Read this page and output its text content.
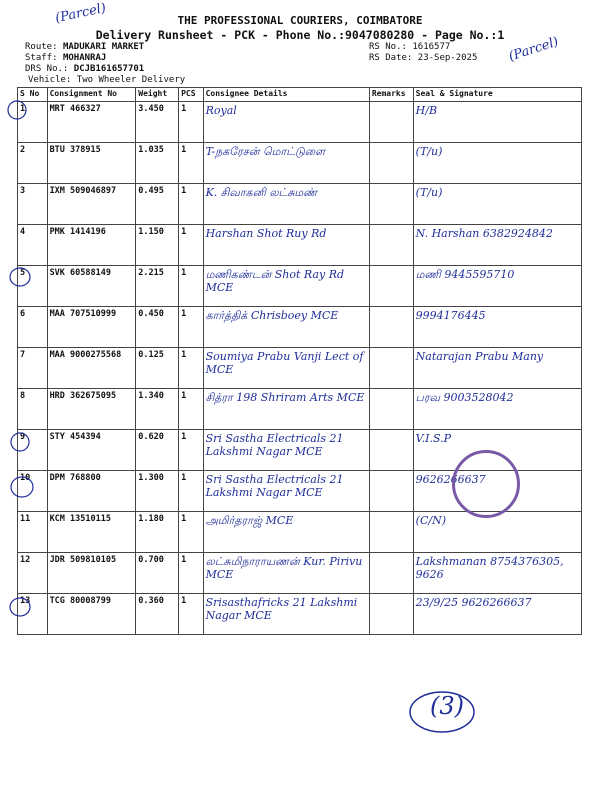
THE PROFESSIONAL COURIERS, COIMBATORE
Delivery Runsheet - PCK - Phone No.:9047080280 - Page No.:1
Route: MADUKARI MARKET
Staff: MOHANRAJ
DRS No.: DCJB161657701
Vehicle: Two Wheeler Delivery
RS No.: 1616577
RS Date: 23-Sep-2025
(Parcel)
(Parcel)
(3)
S No	Consignment No	Weight	PCS	Consignee Details	Remarks	Seal & Signature
1	MRT 466327	3.450	1	Royal		H/B

2	BTU 378915	1.035	1	T-நகரேசன் மொட்டுளை		(T/u)

3	IXM 509046897	0.495	1	K. சிவாகனி லட்சுமண்		(T/u)

4	PMK 1414196	1.150	1	Harshan Shot Ruy Rd		N. Harshan 6382924842

5	SVK 60588149	2.215	1	மணிகண்டன் Shot Ray Rd MCE		மணி 9445595710

6	MAA 707510999	0.450	1	கார்த்திக் Chrisboey MCE		9994176445

7	MAA 9000275568	0.125	1	Soumiya Prabu Vanji Lect of MCE		Natarajan Prabu Many

8	HRD 362675095	1.340	1	சித்ரா 198 Shriram Arts MCE		பரவ 9003528042

9	STY 454394	0.620	1	Sri Sastha Electricals 21 Lakshmi Nagar MCE		V.I.S.P

10	DPM 768800	1.300	1	Sri Sastha Electricals 21 Lakshmi Nagar MCE		9626266637

11	KCM 13510115	1.180	1	அமிர்தராஜ் MCE		(C/N)

12	JDR 509810105	0.700	1	லட்சுமிநாராயணன் Kur. Pirivu MCE		Lakshmanan 8754376305, 9626

13	TCG 80008799	0.360	1	Srisasthafricks 21 Lakshmi Nagar MCE		23/9/25 9626266637
